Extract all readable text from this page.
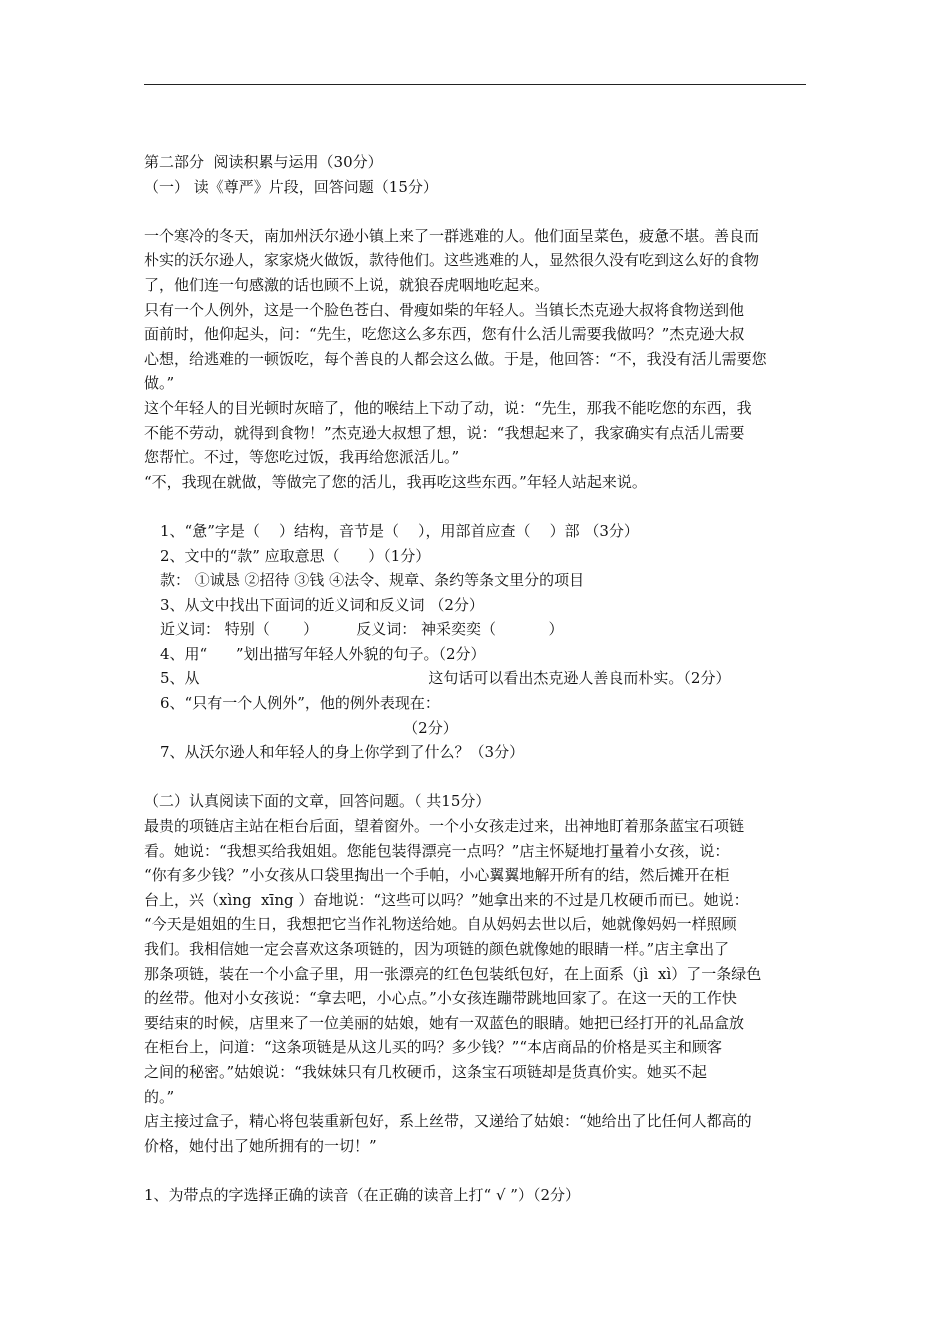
第二部分  阅读积累与运用（30分）
（一） 读《尊严》片段，回答问题（15分）
一个寒冷的冬天，南加州沃尔逊小镇上来了一群逃难的人。他们面呈菜色，疲惫不堪。善良而
朴实的沃尔逊人，家家烧火做饭，款待他们。这些逃难的人，显然很久没有吃到这么好的食物
了，他们连一句感激的话也顾不上说，就狼吞虎咽地吃起来。
只有一个人例外，这是一个脸色苍白、骨瘦如柴的年轻人。当镇长杰克逊大叔将食物送到他
面前时，他仰起头，问：“先生，吃您这么多东西，您有什么活儿需要我做吗？”杰克逊大叔
心想，给逃难的一顿饭吃，每个善良的人都会这么做。于是，他回答：“不，我没有活儿需要您
做。”
这个年轻人的目光顿时灰暗了，他的喉结上下动了动，说：“先生，那我不能吃您的东西，我
不能不劳动，就得到食物！”杰克逊大叔想了想，说：“我想起来了，我家确实有点活儿需要
您帮忙。不过，等您吃过饭，我再给您派活儿。”
“不，我现在就做，等做完了您的活儿，我再吃这些东西。”年轻人站起来说。
1、“惫”字是（    ）结构，音节是（    ），用部首应查（    ）部 （3分）
2、文中的“款” 应取意思（      ）（1分）
款： ①诚恳 ②招待 ③钱 ④法令、规章、条约等条文里分的项目
3、从文中找出下面词的近义词和反义词 （2分）
近义词： 特别（       ）        反义词： 神采奕奕（           ）
4、用“      ”划出描写年轻人外貌的句子。（2分）
5、从                                                这句话可以看出杰克逊人善良而朴实。（2分）
6、“只有一个人例外”，他的例外表现在：
（2分）
7、从沃尔逊人和年轻人的身上你学到了什么？（3分）
（二）认真阅读下面的文章，回答问题。（ 共15分）
最贵的项链店主站在柜台后面，望着窗外。一个小女孩走过来，出神地盯着那条蓝宝石项链
看。她说：“我想买给我姐姐。您能包装得漂亮一点吗？”店主怀疑地打量着小女孩，说：
“你有多少钱？”小女孩从口袋里掏出一个手帕，小心翼翼地解开所有的结，然后摊开在柜
台上，兴（xìng  xīng ）奋地说：“这些可以吗？”她拿出来的不过是几枚硬币而已。她说：
“今天是姐姐的生日，我想把它当作礼物送给她。自从妈妈去世以后，她就像妈妈一样照顾
我们。我相信她一定会喜欢这条项链的，因为项链的颜色就像她的眼睛一样。”店主拿出了
那条项链，装在一个小盒子里，用一张漂亮的红色包装纸包好，在上面系（jì  xì）了一条绿色
的丝带。他对小女孩说：“拿去吧，小心点。”小女孩连蹦带跳地回家了。在这一天的工作快
要结束的时候，店里来了一位美丽的姑娘，她有一双蓝色的眼睛。她把已经打开的礼品盒放
在柜台上，问道：“这条项链是从这儿买的吗？多少钱？”“本店商品的价格是买主和顾客
之间的秘密。”姑娘说：“我妹妹只有几枚硬币，这条宝石项链却是货真价实。她买不起
的。”
店主接过盒子，精心将包装重新包好，系上丝带，又递给了姑娘：“她给出了比任何人都高的
价格，她付出了她所拥有的一切！”
1、为带点的字选择正确的读音（在正确的读音上打“ √ ”）（2分）
